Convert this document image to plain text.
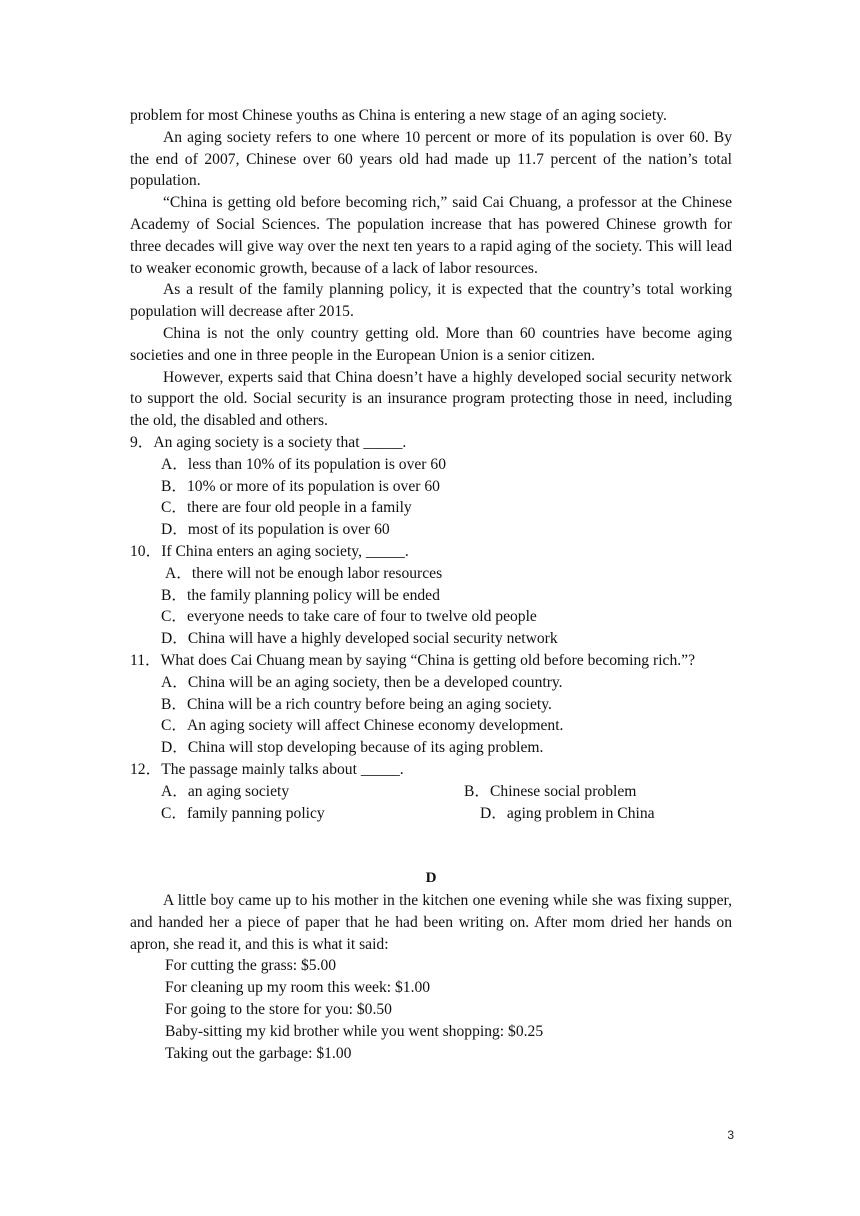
problem for most Chinese youths as China is entering a new stage of an aging society.

An aging society refers to one where 10 percent or more of its population is over 60. By the end of 2007, Chinese over 60 years old had made up 11.7 percent of the nation’s total population.

“China is getting old before becoming rich,” said Cai Chuang, a professor at the Chinese Academy of Social Sciences. The population increase that has powered Chinese growth for three decades will give way over the next ten years to a rapid aging of the society. This will lead to weaker economic growth, because of a lack of labor resources.

As a result of the family planning policy, it is expected that the country’s total working population will decrease after 2015.

China is not the only country getting old. More than 60 countries have become aging societies and one in three people in the European Union is a senior citizen.

However, experts said that China doesn’t have a highly developed social security network to support the old. Social security is an insurance program protecting those in need, including the old, the disabled and others.

9．An aging society is a society that _____.

A．less than 10% of its population is over 60

B．10% or more of its population is over 60

C．there are four old people in a family

D．most of its population is over 60

10．If China enters an aging society, _____.

A．there will not be enough labor resources

B．the family planning policy will be ended

C．everyone needs to take care of four to twelve old people

D．China will have a highly developed social security network

11．What does Cai Chuang mean by saying “China is getting old before becoming rich.”?

A．China will be an aging society, then be a developed country.

B．China will be a rich country before being an aging society.

C．An aging society will affect Chinese economy development.

D．China will stop developing because of its aging problem.

12．The passage mainly talks about _____.

A．an aging society	B．Chinese social problem
C．family panning policy	D．aging problem in China

D

A little boy came up to his mother in the kitchen one evening while she was fixing supper, and handed her a piece of paper that he had been writing on. After mom dried her hands on apron, she read it, and this is what it said:

For cutting the grass: $5.00

For cleaning up my room this week: $1.00

For going to the store for you: $0.50

Baby-sitting my kid brother while you went shopping: $0.25

Taking out the garbage: $1.00

3
